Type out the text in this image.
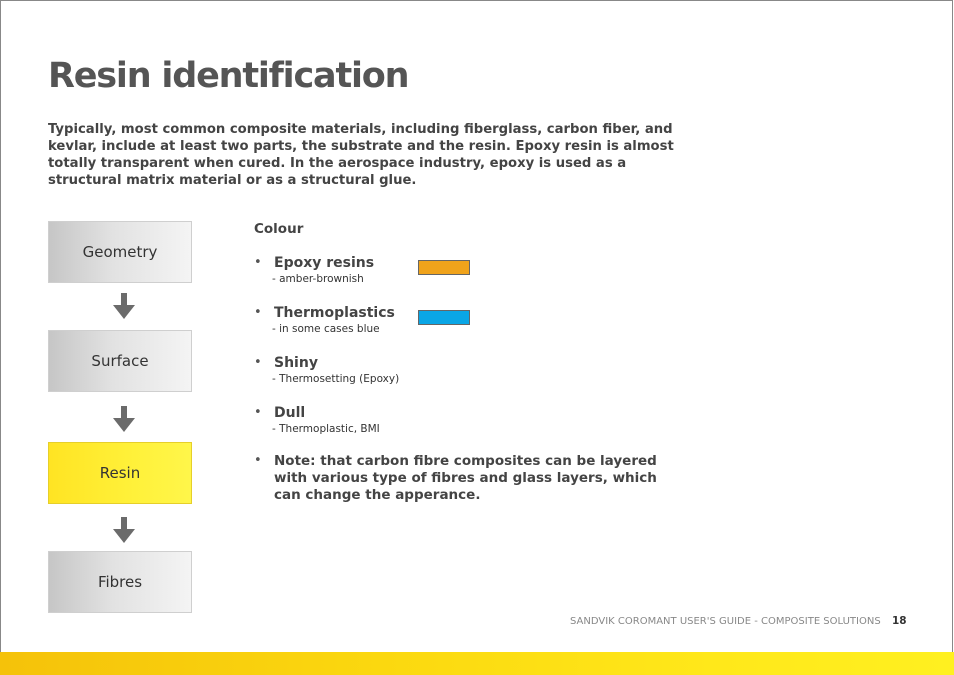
Resin identification

Typically, most common composite materials, including fiberglass, carbon fiber, and kevlar, include at least two parts, the substrate and the resin. Epoxy resin is almost totally transparent when cured. In the aerospace industry, epoxy is used as a structural matrix material or as a structural glue.

Geometry
Surface
Resin
Fibres
Colour
• Epoxy resins
- amber-brownish
• Thermoplastics
- in some cases blue
• Shiny
- Thermosetting (Epoxy)
• Dull
- Thermoplastic, BMI
• Note: that carbon fibre composites can be layered with various type of fibres and glass layers, which can change the apperance.
SANDVIK COROMANT USER'S GUIDE - COMPOSITE SOLUTIONS 18
